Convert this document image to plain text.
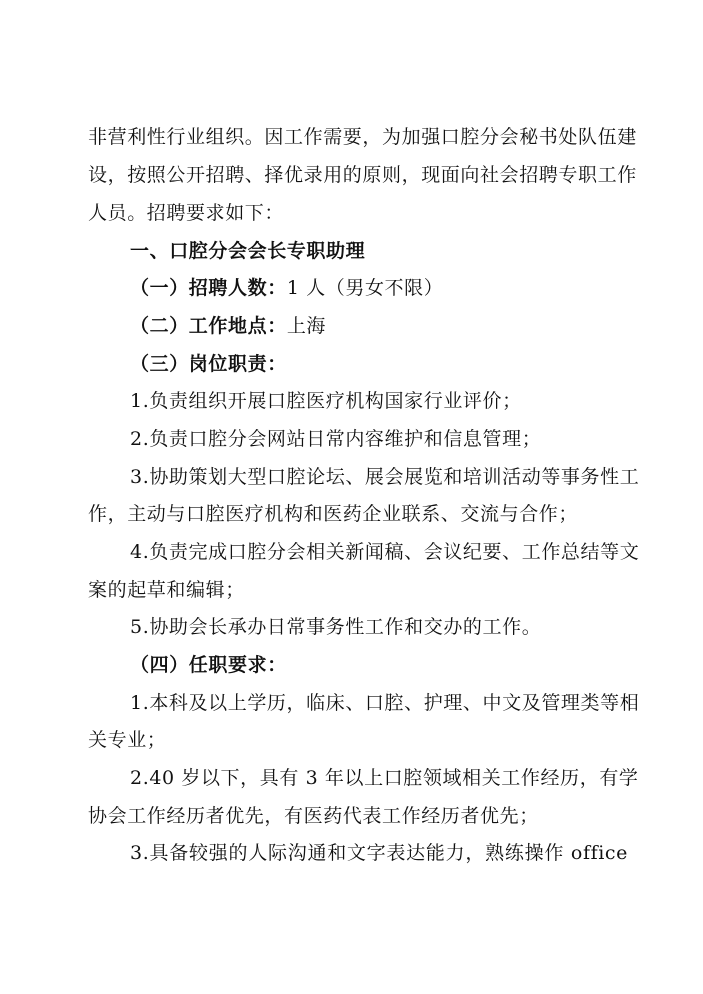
非营利性行业组织。因工作需要，为加强口腔分会秘书处队伍建
设，按照公开招聘、择优录用的原则，现面向社会招聘专职工作
人员。招聘要求如下：
一、口腔分会会长专职助理
（一）招聘人数：1 人（男女不限）
（二）工作地点：上海
（三）岗位职责：
1.负责组织开展口腔医疗机构国家行业评价；
2.负责口腔分会网站日常内容维护和信息管理；
3.协助策划大型口腔论坛、展会展览和培训活动等事务性工
作，主动与口腔医疗机构和医药企业联系、交流与合作；
4.负责完成口腔分会相关新闻稿、会议纪要、工作总结等文
案的起草和编辑；
5.协助会长承办日常事务性工作和交办的工作。
（四）任职要求：
1.本科及以上学历，临床、口腔、护理、中文及管理类等相
关专业；
2.40 岁以下，具有 3 年以上口腔领域相关工作经历，有学
协会工作经历者优先，有医药代表工作经历者优先；
3.具备较强的人际沟通和文字表达能力，熟练操作 office
